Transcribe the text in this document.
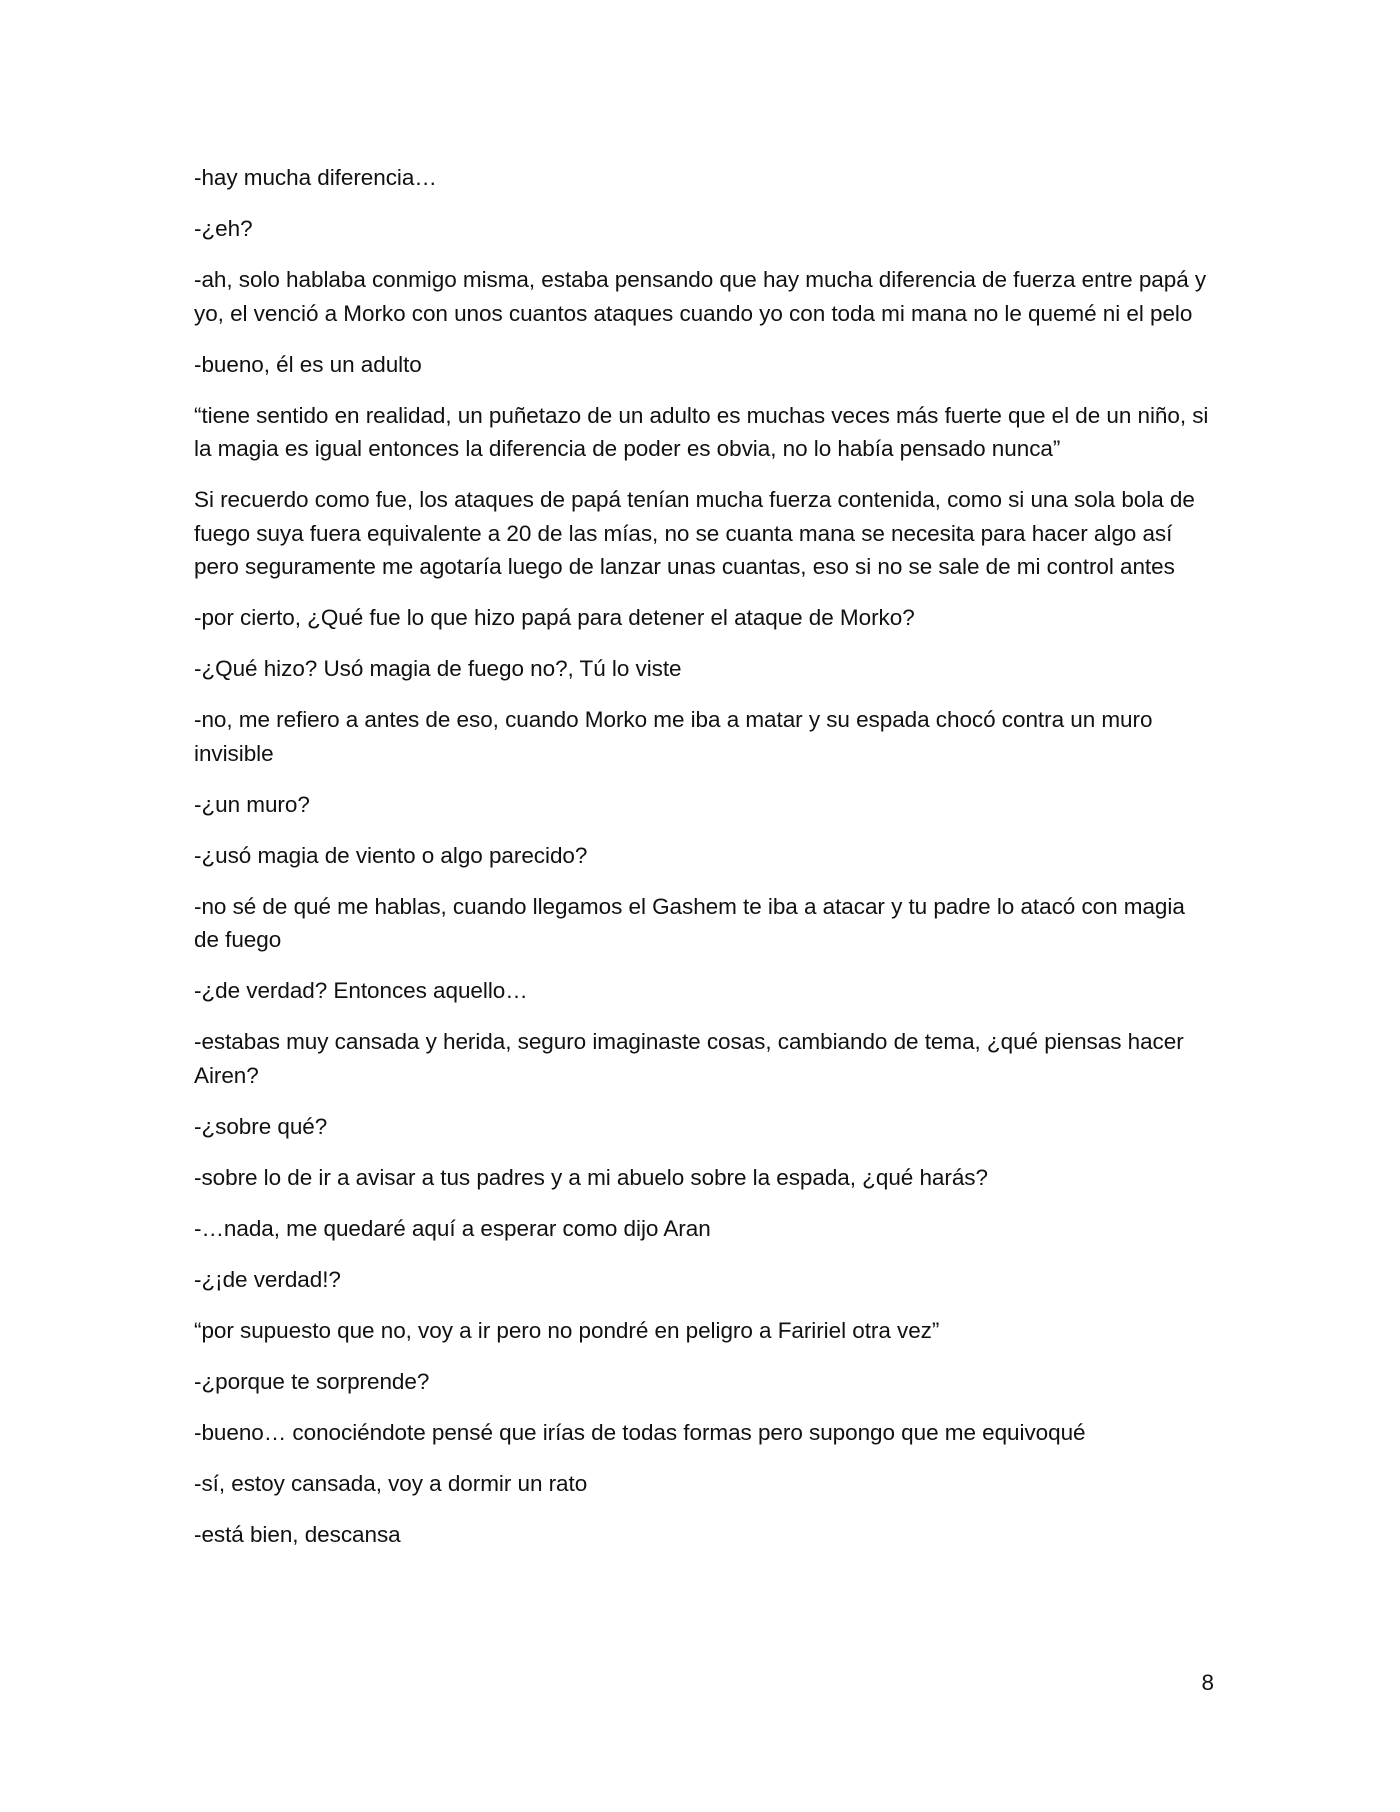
-hay mucha diferencia…

-¿eh?

-ah, solo hablaba conmigo misma, estaba pensando que hay mucha diferencia de fuerza entre papá y yo, el venció a Morko con unos cuantos ataques cuando yo con toda mi mana no le quemé ni el pelo

-bueno, él es un adulto

“tiene sentido en realidad, un puñetazo de un adulto es muchas veces más fuerte que el de un niño, si la magia es igual entonces la diferencia de poder es obvia, no lo había pensado nunca”

Si recuerdo como fue, los ataques de papá tenían mucha fuerza contenida, como si una sola bola de fuego suya fuera equivalente a 20 de las mías, no se cuanta mana se necesita para hacer algo así pero seguramente me agotaría luego de lanzar unas cuantas, eso si no se sale de mi control antes

-por cierto, ¿Qué fue lo que hizo papá para detener el ataque de Morko?

-¿Qué hizo? Usó magia de fuego no?, Tú lo viste

-no, me refiero a antes de eso, cuando Morko me iba a matar y su espada chocó contra un muro invisible

-¿un muro?

-¿usó magia de viento o algo parecido?

-no sé de qué me hablas, cuando llegamos el Gashem te iba a atacar y tu padre lo atacó con magia de fuego

-¿de verdad? Entonces aquello…

-estabas muy cansada y herida, seguro imaginaste cosas, cambiando de tema, ¿qué piensas hacer Airen?

-¿sobre qué?

-sobre lo de ir a avisar a tus padres y a mi abuelo sobre la espada, ¿qué harás?

-…nada, me quedaré aquí a esperar como dijo Aran

-¿¡de verdad!?

“por supuesto que no, voy a ir pero no pondré en peligro a Faririel otra vez”

-¿porque te sorprende?

-bueno… conociéndote pensé que irías de todas formas pero supongo que me equivoqué

-sí, estoy cansada, voy a dormir un rato

-está bien, descansa

8
